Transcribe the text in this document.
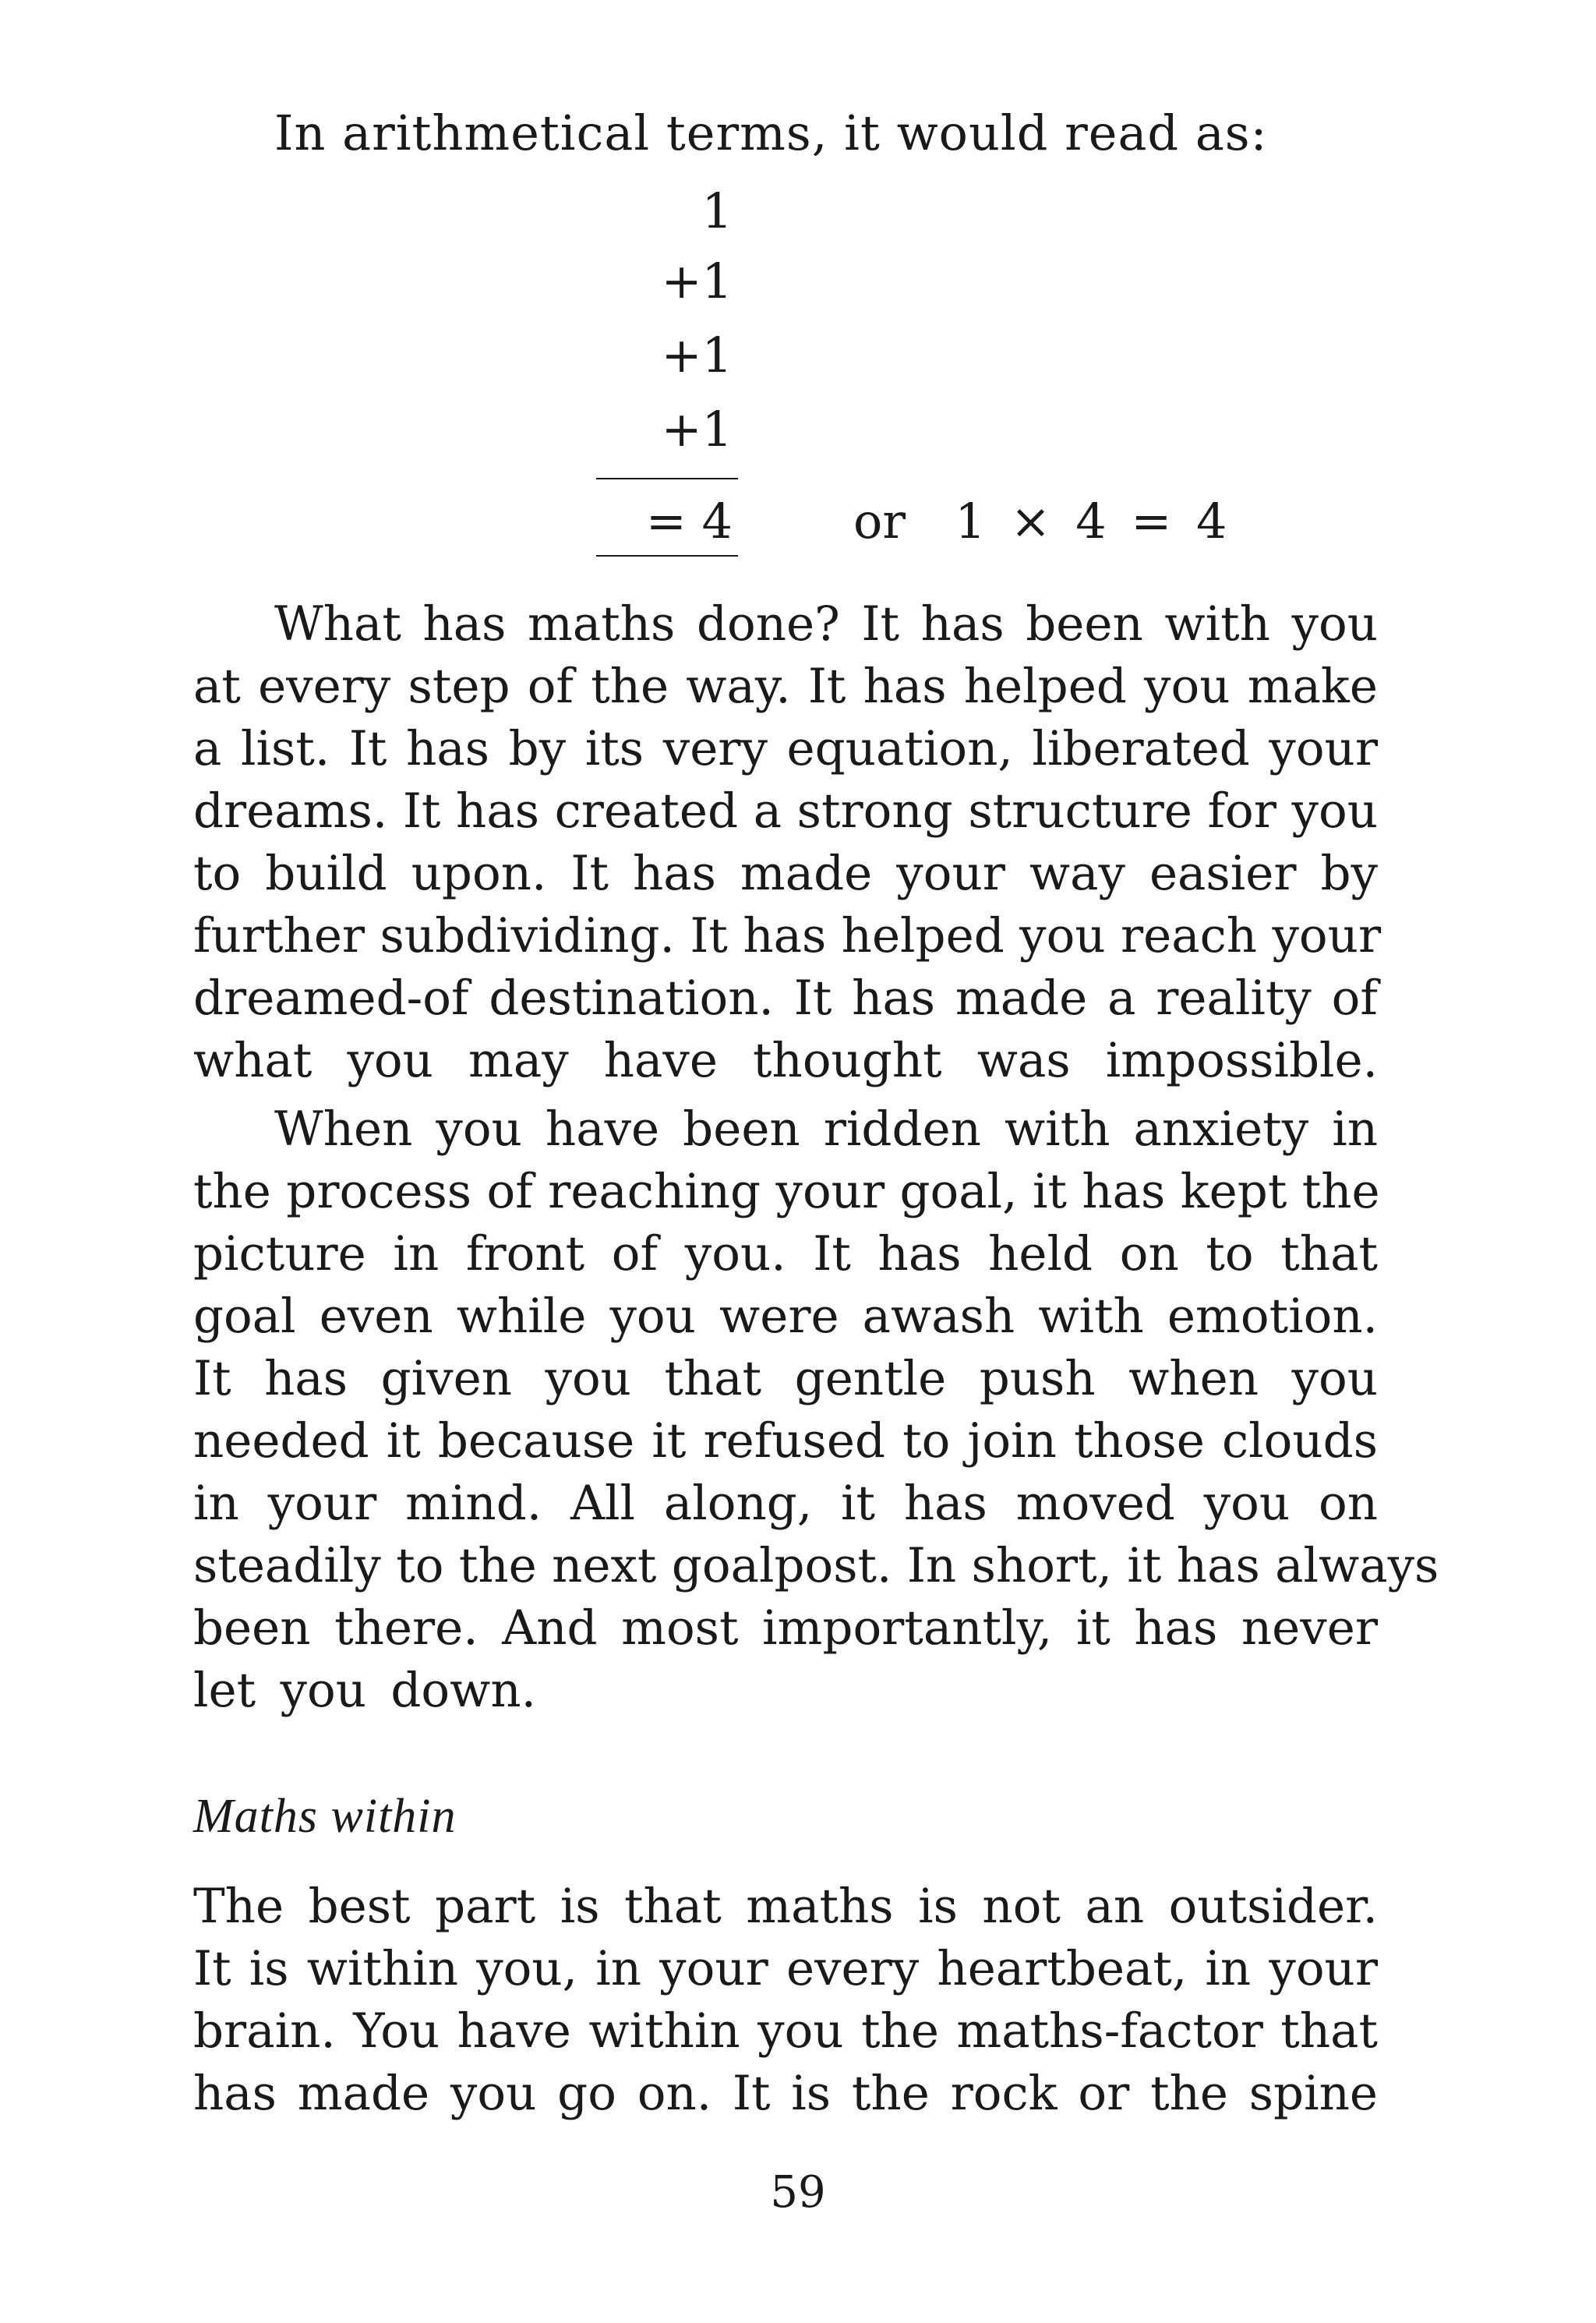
In arithmetical terms, it would read as:
1
+1
+1
+1
= 4	or  1 × 4 = 4
What has maths done? It has been with you
at every step of the way. It has helped you make
a list. It has by its very equation, liberated your
dreams. It has created a strong structure for you
to build upon. It has made your way easier by
further subdividing. It has helped you reach your
dreamed-of destination. It has made a reality of
what you may have thought was impossible.
When you have been ridden with anxiety in
the process of reaching your goal, it has kept the
picture in front of you. It has held on to that
goal even while you were awash with emotion.
It has given you that gentle push when you
needed it because it refused to join those clouds
in your mind. All along, it has moved you on
steadily to the next goalpost. In short, it has always
been there. And most importantly, it has never
let you down.
Maths within
The best part is that maths is not an outsider.
It is within you, in your every heartbeat, in your
brain. You have within you the maths-factor that
has made you go on. It is the rock or the spine
59
